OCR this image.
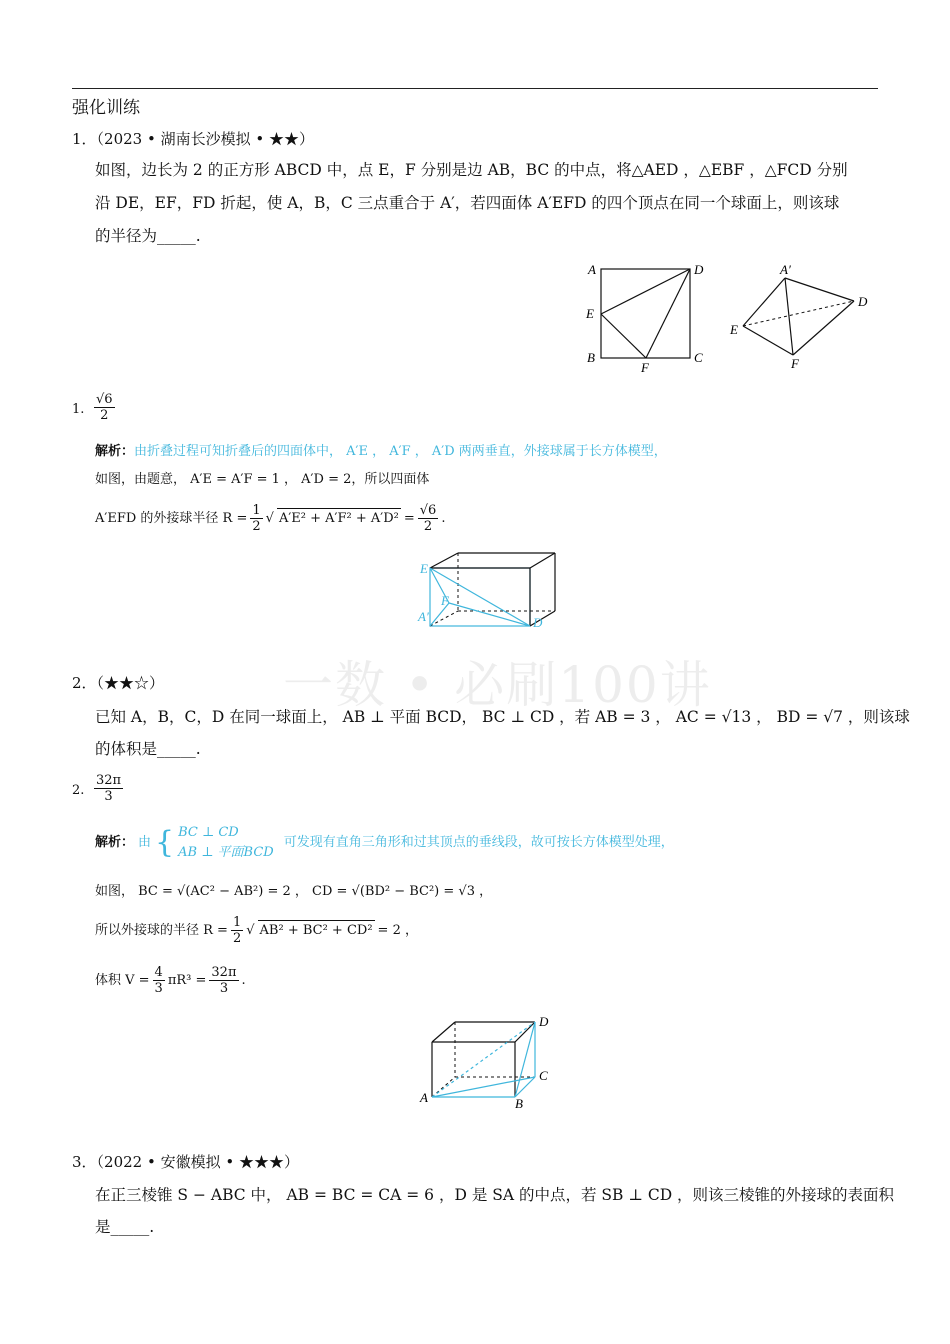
强化训练
一数 • 必刷100讲
1．（2023 • 湖南长沙模拟 • ★★）
如图，边长为 2 的正方形 ABCD 中，点 E，F 分别是边 AB，BC 的中点，将△AED ，△EBF ，△FCD 分别
沿 DE，EF，FD 折起，使 A，B，C 三点重合于 A′，若四面体 A′EFD 的四个顶点在同一个球面上，则该球
的半径为_____.
A	D
E
B
F
C
A′
D
E
F
1. $\frac{√6}{2}$
解析：由折叠过程可知折叠后的四面体中， A′E ， A′F ， A′D 两两垂直，外接球属于长方体模型，
如图，由题意， A′E = A′F = 1 ， A′D = 2，所以四面体
A′EFD 的外接球半径 $R = \frac{1}{2}$ √ $A'E^2 + A'F^2 + A'D^2 = \frac{√6}{2}$ .
E
F
A′	D
2．（★★☆）
已知 A，B，C，D 在同一球面上， AB ⊥ 平面 BCD， BC ⊥ CD ，若 AB = 3 ， AC = √13 ， BD = √7 ，则该球
的体积是_____.
2. $\frac{32\pi}{3}$
解析： 由 { BC ⊥ CD
AB ⊥ 平面BCD
可发现有直角三角形和过其顶点的垂线段，故可按长方体模型处理，
如图， BC = √(AC² − AB²) = 2 ， CD = √(BD² − BC²) = √3 ，
所以外接球的半径 $R = \frac{1}{2}$ √ AB² + BC² + CD² = 2 ，
体积 $V = \frac{4}{3} \pi R^3 = \frac{32\pi}{3}$ .
D
C
A	B
3．（2022 • 安徽模拟 • ★★★）
在正三棱锥 S − ABC 中， AB = BC = CA = 6 ，D 是 SA 的中点，若 SB ⊥ CD ，则该三棱锥的外接球的表面积
是_____.
